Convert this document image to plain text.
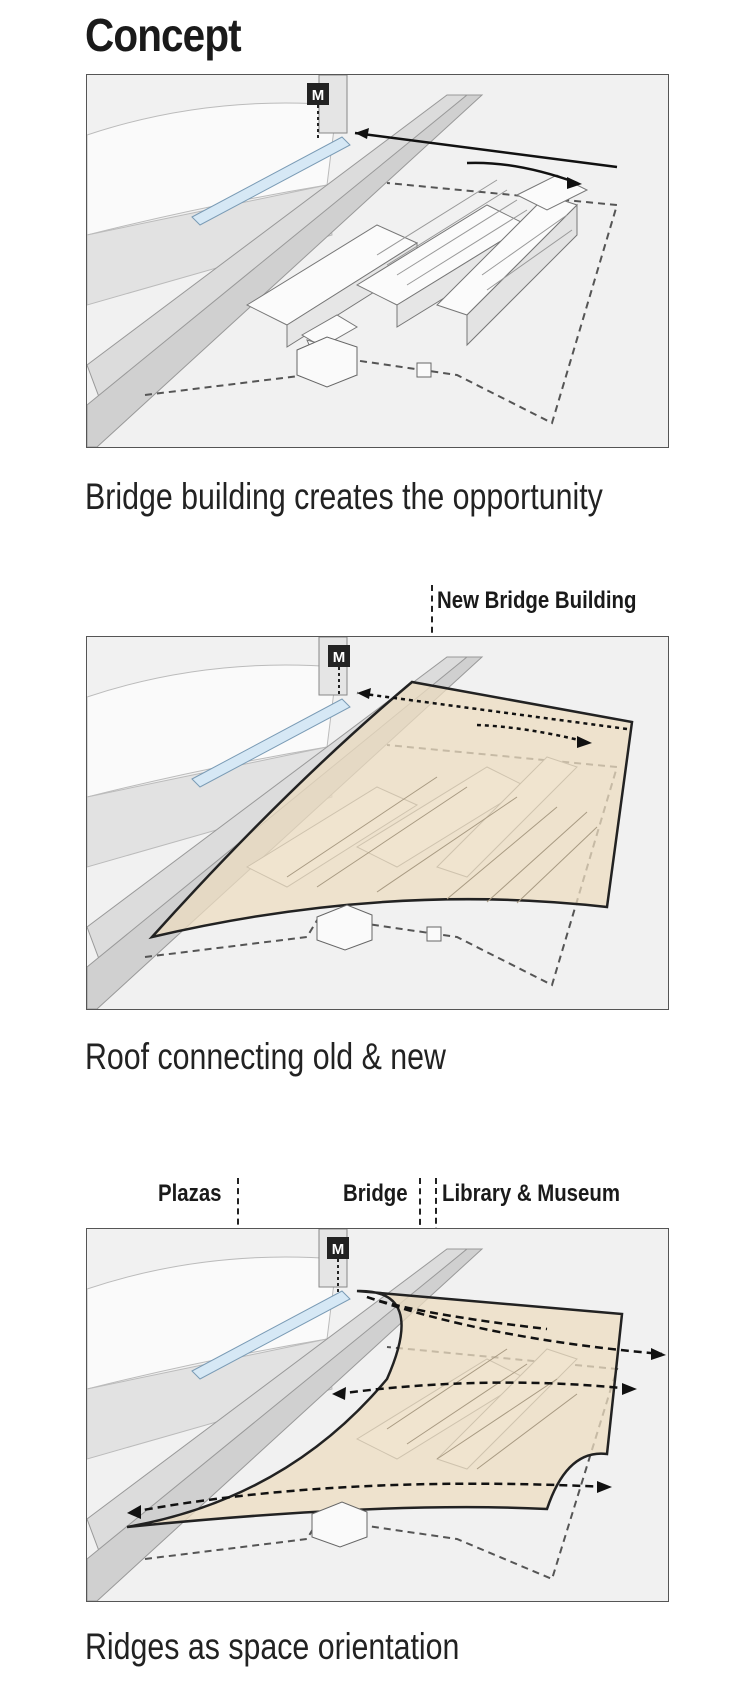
Concept
M
Bridge building creates the opportunity
New Bridge Building
M
Roof connecting old & new
Plazas	Bridge Library & Museum
M
Ridges as space orientation
